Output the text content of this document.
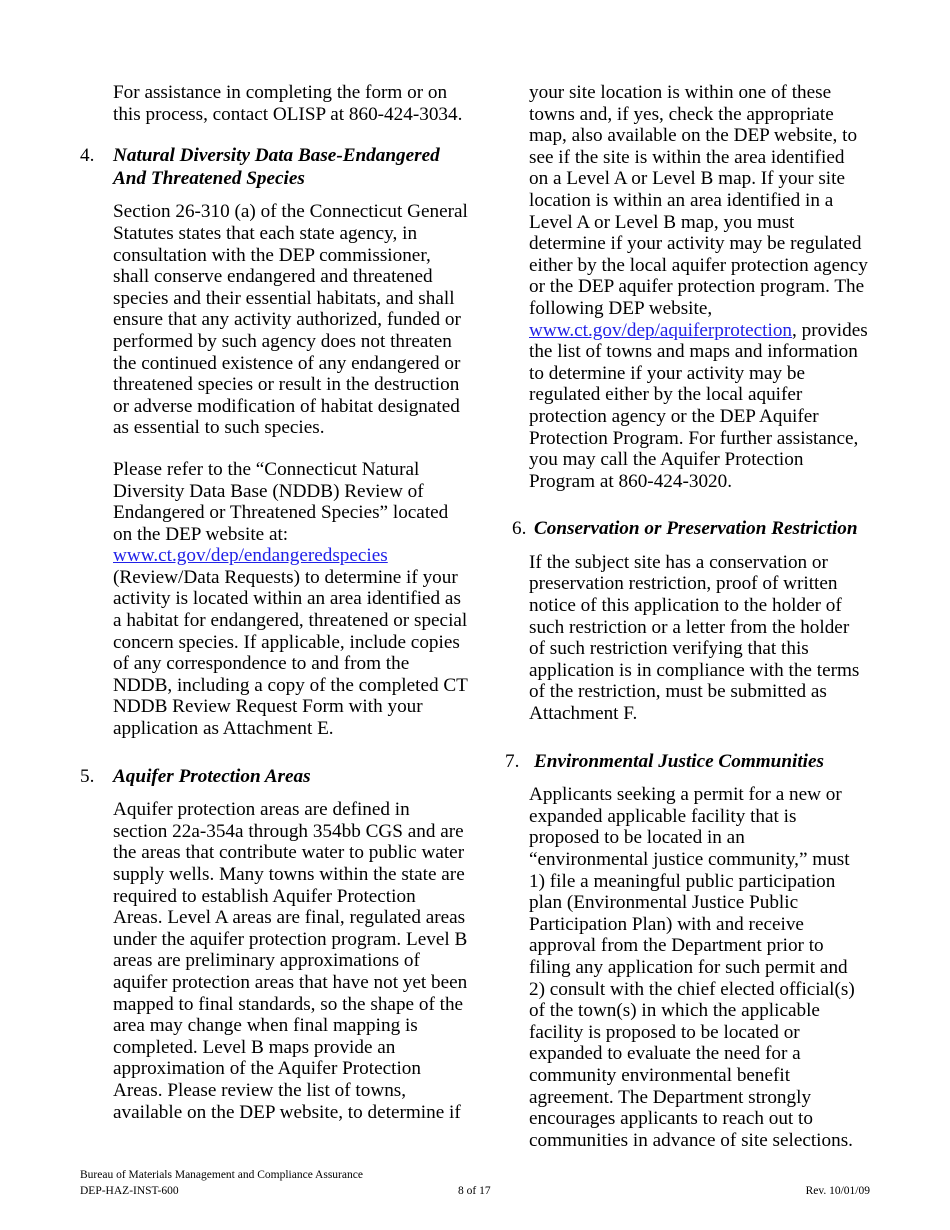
For assistance in completing the form or on this process, contact OLISP at 860-424-3034.
4. Natural Diversity Data Base-Endangered And Threatened Species
Section 26-310 (a) of the Connecticut General Statutes states that each state agency, in consultation with the DEP commissioner, shall conserve endangered and threatened species and their essential habitats, and shall ensure that any activity authorized, funded or performed by such agency does not threaten the continued existence of any endangered or threatened species or result in the destruction or adverse modification of habitat designated as essential to such species.
Please refer to the “Connecticut Natural Diversity Data Base (NDDB) Review of Endangered or Threatened Species” located on the DEP website at: www.ct.gov/dep/endangeredspecies (Review/Data Requests) to determine if your activity is located within an area identified as a habitat for endangered, threatened or special concern species. If applicable, include copies of any correspondence to and from the NDDB, including a copy of the completed CT NDDB Review Request Form with your application as Attachment E.
5. Aquifer Protection Areas
Aquifer protection areas are defined in section 22a-354a through 354bb CGS and are the areas that contribute water to public water supply wells. Many towns within the state are required to establish Aquifer Protection Areas. Level A areas are final, regulated areas under the aquifer protection program. Level B areas are preliminary approximations of aquifer protection areas that have not yet been mapped to final standards, so the shape of the area may change when final mapping is completed. Level B maps provide an approximation of the Aquifer Protection Areas. Please review the list of towns, available on the DEP website, to determine if
your site location is within one of these towns and, if yes, check the appropriate map, also available on the DEP website, to see if the site is within the area identified on a Level A or Level B map. If your site location is within an area identified in a Level A or Level B map, you must determine if your activity may be regulated either by the local aquifer protection agency or the DEP aquifer protection program. The following DEP website, www.ct.gov/dep/aquiferprotection, provides the list of towns and maps and information to determine if your activity may be regulated either by the local aquifer protection agency or the DEP Aquifer Protection Program. For further assistance, you may call the Aquifer Protection Program at 860-424-3020.
6. Conservation or Preservation Restriction
If the subject site has a conservation or preservation restriction, proof of written notice of this application to the holder of such restriction or a letter from the holder of such restriction verifying that this application is in compliance with the terms of the restriction, must be submitted as Attachment F.
7. Environmental Justice Communities
Applicants seeking a permit for a new or expanded applicable facility that is proposed to be located in an “environmental justice community,” must 1) file a meaningful public participation plan (Environmental Justice Public Participation Plan) with and receive approval from the Department prior to filing any application for such permit and 2) consult with the chief elected official(s) of the town(s) in which the applicable facility is proposed to be located or expanded to evaluate the need for a community environmental benefit agreement. The Department strongly encourages applicants to reach out to communities in advance of site selections.
Bureau of Materials Management and Compliance Assurance
DEP-HAZ-INST-600	8 of 17	Rev. 10/01/09
